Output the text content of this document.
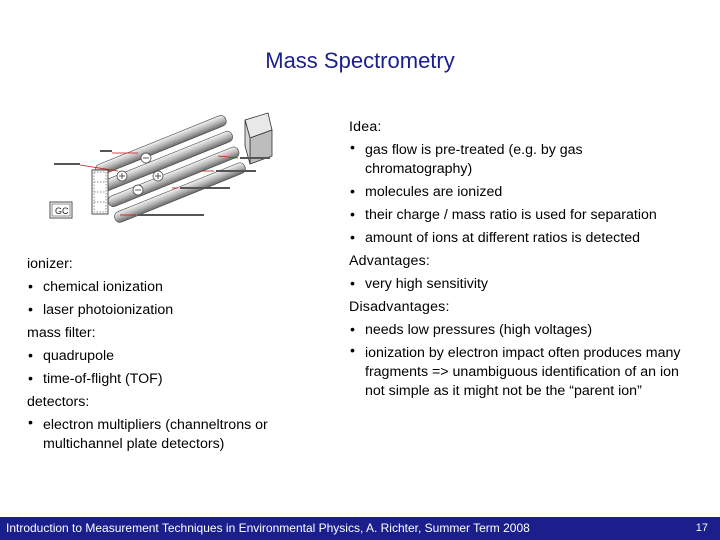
Mass Spectrometry
GC
ionizer:
• chemical ionization
• laser photoionization
mass filter:
• quadrupole
• time-of-flight (TOF)
detectors:
• electron multipliers (channeltrons or multichannel plate detectors)
Idea:
• gas flow is pre-treated (e.g. by gas chromatography)
• molecules are ionized
• their charge / mass ratio is used for separation
• amount of ions at different ratios is detected
Advantages:
• very high sensitivity
Disadvantages:
• needs low pressures (high voltages)
• ionization by electron impact often produces many fragments => unambiguous identification of an ion not simple as it might not be the “parent ion”
Introduction to Measurement Techniques in Environmental Physics, A. Richter, Summer Term 2008	17
